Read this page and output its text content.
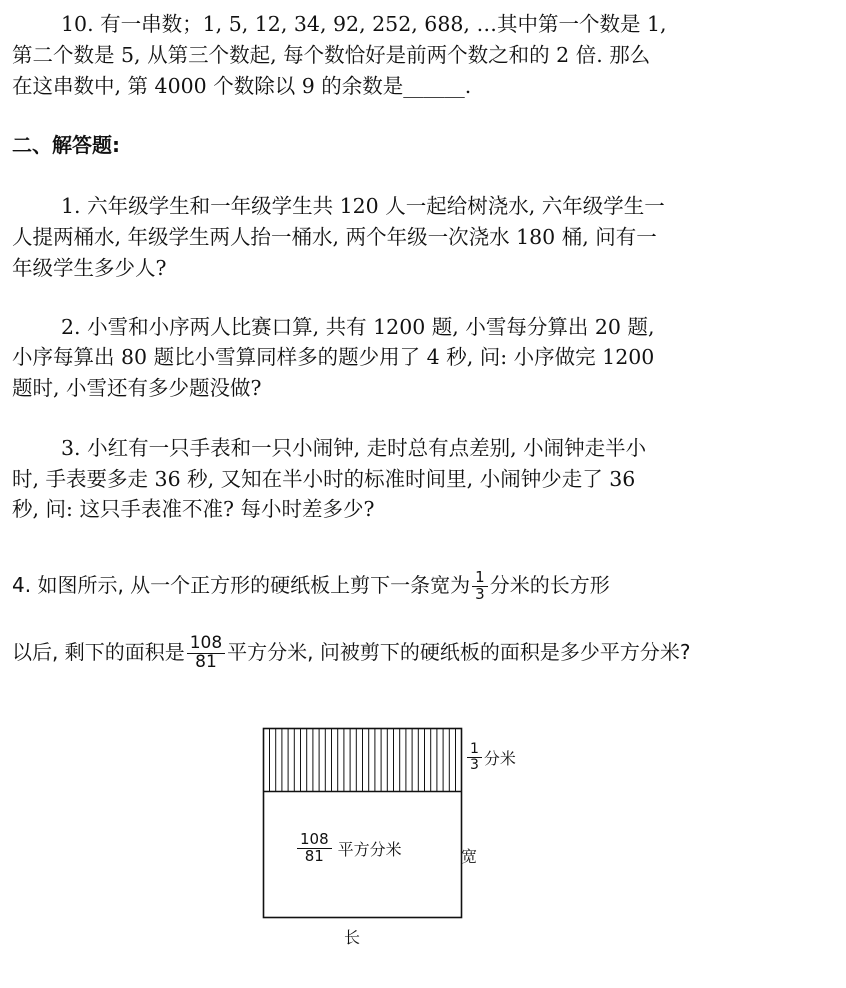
10. 有一串数；1, 5, 12, 34, 92, 252, 688, …其中第一个数是 1,
第二个数是 5, 从第三个数起, 每个数恰好是前两个数之和的 2 倍. 那么
在这串数中, 第 4000 个数除以 9 的余数是______.
二、解答题:
1. 六年级学生和一年级学生共 120 人一起给树浇水, 六年级学生一
人提两桶水, 年级学生两人抬一桶水, 两个年级一次浇水 180 桶, 问有一
年级学生多少人?
2. 小雪和小序两人比赛口算, 共有 1200 题, 小雪每分算出 20 题,
小序每算出 80 题比小雪算同样多的题少用了 4 秒, 问: 小序做完 1200
题时, 小雪还有多少题没做?
3. 小红有一只手表和一只小闹钟, 走时总有点差别, 小闹钟走半小
时, 手表要多走 36 秒, 又知在半小时的标准时间里, 小闹钟少走了 36
秒, 问: 这只手表准不准? 每小时差多少?
4. 如图所示, 从一个正方形的硬纸板上剪下一条宽为 $\frac{1}{3}$ 分米的长方形
以后, 剩下的面积是 $\frac{108}{81}$ 平方分米, 问被剪下的硬纸板的面积是多少平方分米?
$\frac{1}{3}$ 分米
$\frac{108}{81}$ 平方分米	宽
长
